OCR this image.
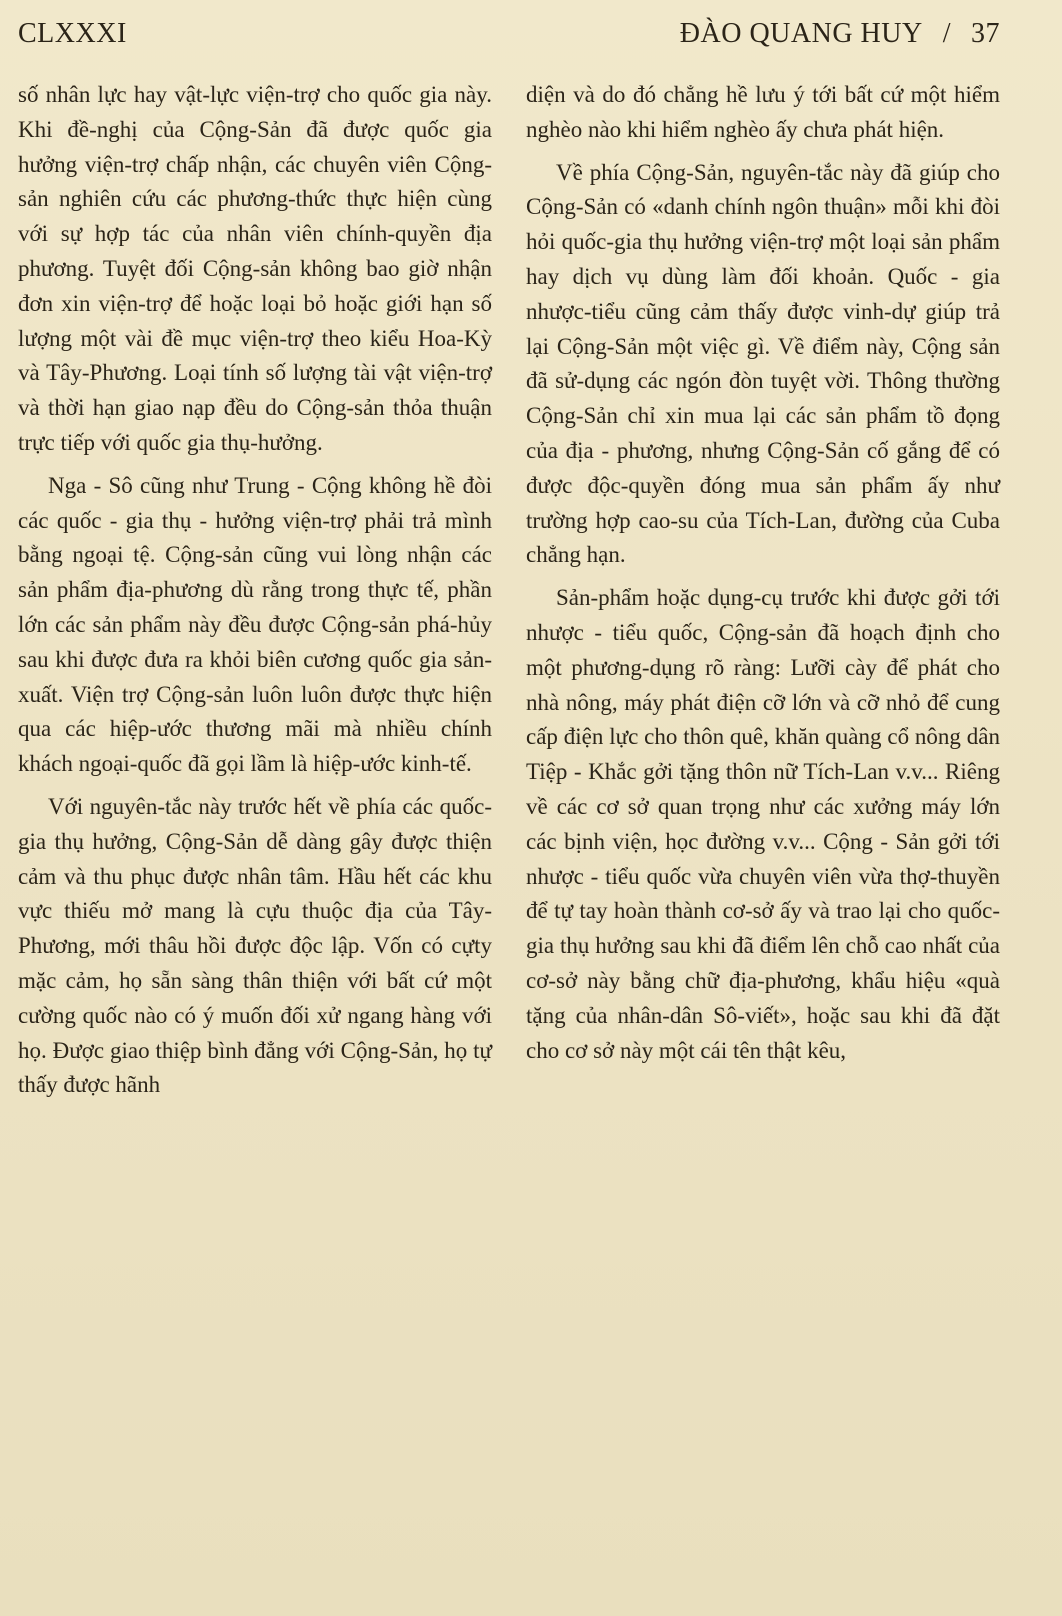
CLXXXI	ĐÀO QUANG HUY / 37

số nhân lực hay vật-lực viện-trợ cho quốc gia này. Khi đề-nghị của Cộng-Sản đã được quốc gia hưởng viện-trợ chấp nhận, các chuyên viên Cộng-sản nghiên cứu các phương-thức thực hiện cùng với sự hợp tác của nhân viên chính-quyền địa phương. Tuyệt đối Cộng-sản không bao giờ nhận đơn xin viện-trợ để hoặc loại bỏ hoặc giới hạn số lượng một vài đề mục viện-trợ theo kiểu Hoa-Kỳ và Tây-Phương. Loại tính số lượng tài vật viện-trợ và thời hạn giao nạp đều do Cộng-sản thỏa thuận trực tiếp với quốc gia thụ-hưởng.

Nga - Sô cũng như Trung - Cộng không hề đòi các quốc - gia thụ - hưởng viện-trợ phải trả mình bằng ngoại tệ. Cộng-sản cũng vui lòng nhận các sản phẩm địa-phương dù rằng trong thực tế, phần lớn các sản phẩm này đều được Cộng-sản phá-hủy sau khi được đưa ra khỏi biên cương quốc gia sản-xuất. Viện trợ Cộng-sản luôn luôn được thực hiện qua các hiệp-ước thương mãi mà nhiều chính khách ngoại-quốc đã gọi lầm là hiệp-ước kinh-tế.

Với nguyên-tắc này trước hết về phía các quốc-gia thụ hưởng, Cộng-Sản dễ dàng gây được thiện cảm và thu phục được nhân tâm. Hầu hết các khu vực thiếu mở mang là cựu thuộc địa của Tây-Phương, mới thâu hồi được độc lập. Vốn có cựty mặc cảm, họ sẵn sàng thân thiện với bất cứ một cường quốc nào có ý muốn đối xử ngang hàng với họ. Được giao thiệp bình đẳng với Cộng-Sản, họ tự thấy được hãnh

diện và do đó chẳng hề lưu ý tới bất cứ một hiểm nghèo nào khi hiểm nghèo ấy chưa phát hiện.

Về phía Cộng-Sản, nguyên-tắc này đã giúp cho Cộng-Sản có «danh chính ngôn thuận» mỗi khi đòi hỏi quốc-gia thụ hưởng viện-trợ một loại sản phẩm hay dịch vụ dùng làm đối khoản. Quốc - gia nhược-tiểu cũng cảm thấy được vinh-dự giúp trả lại Cộng-Sản một việc gì. Về điểm này, Cộng sản đã sử-dụng các ngón đòn tuyệt vời. Thông thường Cộng-Sản chỉ xin mua lại các sản phẩm tồ đọng của địa - phương, nhưng Cộng-Sản cố gắng để có được độc-quyền đóng mua sản phẩm ấy như trường hợp cao-su của Tích-Lan, đường của Cuba chẳng hạn.

Sản-phẩm hoặc dụng-cụ trước khi được gởi tới nhược - tiểu quốc, Cộng-sản đã hoạch định cho một phương-dụng rõ ràng: Lưỡi cày để phát cho nhà nông, máy phát điện cỡ lớn và cỡ nhỏ để cung cấp điện lực cho thôn quê, khăn quàng cổ nông dân Tiệp - Khắc gởi tặng thôn nữ Tích-Lan v.v... Riêng về các cơ sở quan trọng như các xưởng máy lớn các bịnh viện, học đường v.v... Cộng - Sản gởi tới nhược - tiểu quốc vừa chuyên viên vừa thợ-thuyền để tự tay hoàn thành cơ-sở ấy và trao lại cho quốc-gia thụ hưởng sau khi đã điểm lên chỗ cao nhất của cơ-sở này bằng chữ địa-phương, khẩu hiệu «quà tặng của nhân-dân Sô-viết», hoặc sau khi đã đặt cho cơ sở này một cái tên thật kêu,
